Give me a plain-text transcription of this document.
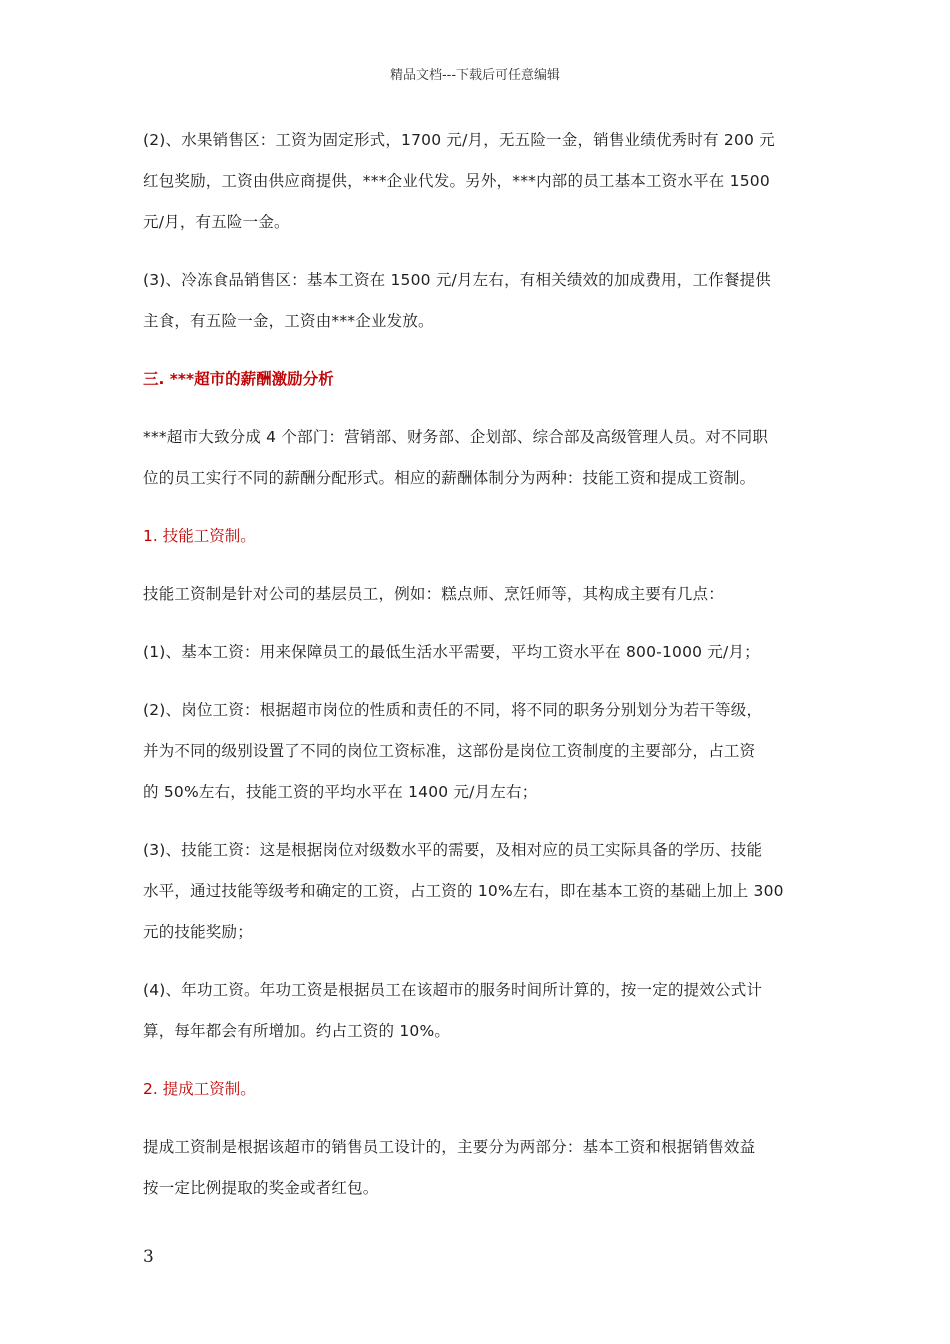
精品文档---下载后可任意编辑
(2)、水果销售区：工资为固定形式，1700 元/月，无五险一金，销售业绩优秀时有 200 元
红包奖励，工资由供应商提供，***企业代发。另外，***内部的员工基本工资水平在 1500
元/月，有五险一金。
(3)、冷冻食品销售区：基本工资在 1500 元/月左右，有相关绩效的加成费用，工作餐提供
主食，有五险一金，工资由***企业发放。
三. ***超市的薪酬激励分析
***超市大致分成 4 个部门：营销部、财务部、企划部、综合部及高级管理人员。对不同职
位的员工实行不同的薪酬分配形式。相应的薪酬体制分为两种：技能工资和提成工资制。
1. 技能工资制。
技能工资制是针对公司的基层员工，例如：糕点师、烹饪师等，其构成主要有几点：
(1)、基本工资：用来保障员工的最低生活水平需要，平均工资水平在 800-1000 元/月；
(2)、岗位工资：根据超市岗位的性质和责任的不同，将不同的职务分别划分为若干等级，
并为不同的级别设置了不同的岗位工资标准，这部份是岗位工资制度的主要部分，占工资
的 50%左右，技能工资的平均水平在 1400 元/月左右；
(3)、技能工资：这是根据岗位对级数水平的需要，及相对应的员工实际具备的学历、技能
水平，通过技能等级考和确定的工资，占工资的 10%左右，即在基本工资的基础上加上 300
元的技能奖励；
(4)、年功工资。年功工资是根据员工在该超市的服务时间所计算的，按一定的提效公式计
算，每年都会有所增加。约占工资的 10%。
2. 提成工资制。
提成工资制是根据该超市的销售员工设计的，主要分为两部分：基本工资和根据销售效益
按一定比例提取的奖金或者红包。
3
